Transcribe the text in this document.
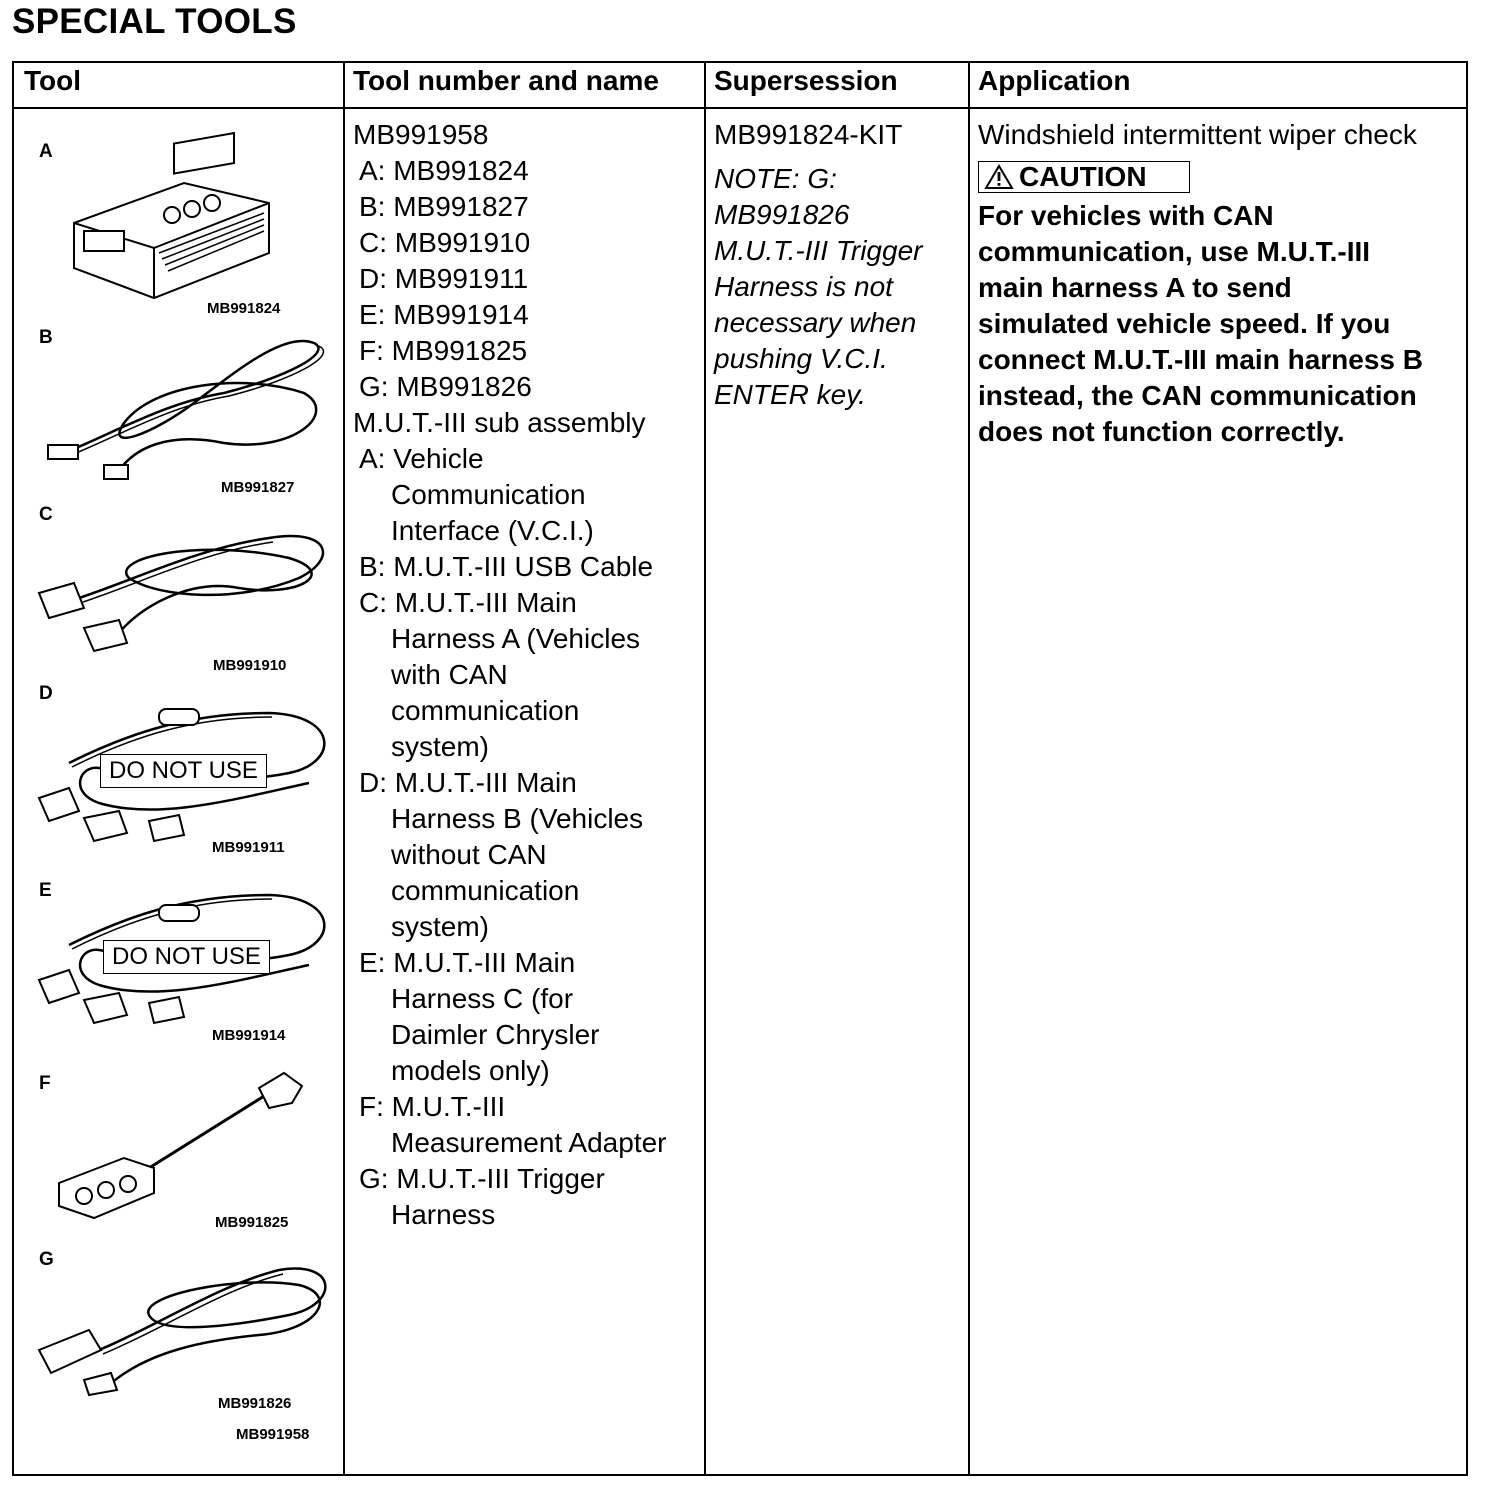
SPECIAL TOOLS
Tool	Tool number and name Supersession	Application
A
MB991824
B
MB991827
C
MB991910
D
DO NOT USE
MB991911
E
DO NOT USE
MB991914
F
MB991825
G
MB991826
MB991958
MB991958
A: MB991824
B: MB991827
C: MB991910
D: MB991911
E: MB991914
F: MB991825
G: MB991826
M.U.T.-III sub assembly
A: Vehicle
Communication
Interface (V.C.I.)
B: M.U.T.-III USB Cable
C: M.U.T.-III Main
Harness A (Vehicles
with CAN
communication
system)
D: M.U.T.-III Main
Harness B (Vehicles
without CAN
communication
system)
E: M.U.T.-III Main
Harness C (for
Daimler Chrysler
models only)
F: M.U.T.-III
Measurement Adapter
G: M.U.T.-III Trigger
Harness
MB991824-KIT
NOTE: G:
MB991826
M.U.T.-III Trigger
Harness is not
necessary when
pushing V.C.I.
ENTER key.
Windshield intermittent wiper check
CAUTION
For vehicles with CAN
communication, use M.U.T.-III
main harness A to send
simulated vehicle speed. If you
connect M.U.T.-III main harness B
instead, the CAN communication
does not function correctly.
